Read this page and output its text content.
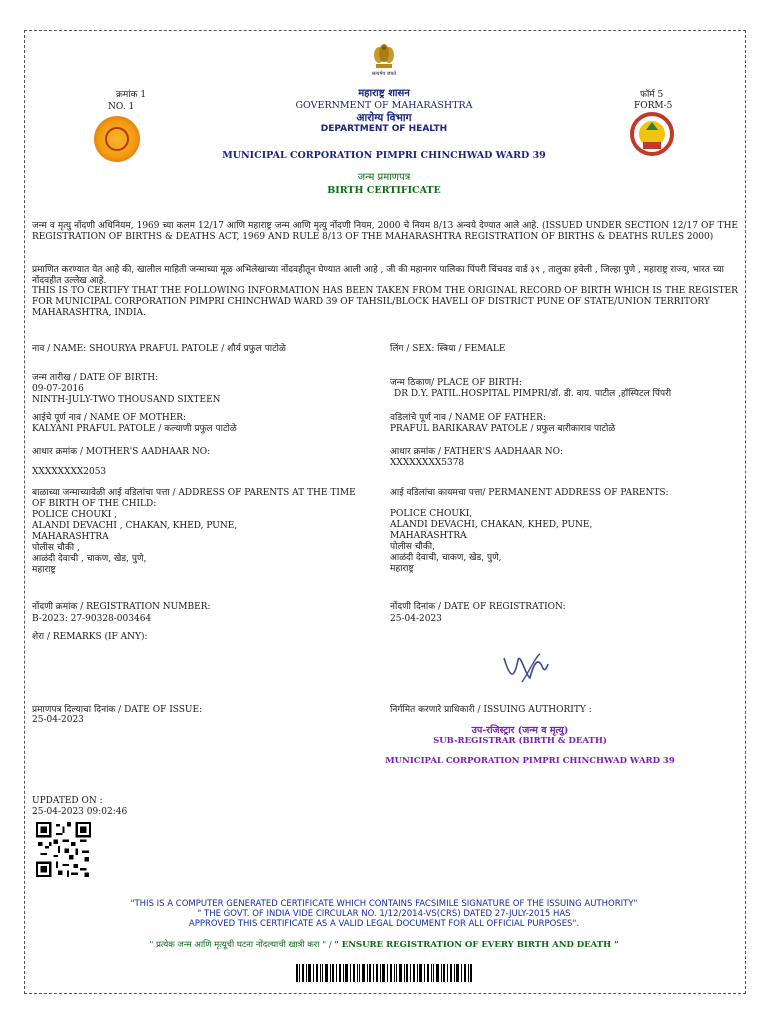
सत्यमेव जयते
क्रमांक 1
NO. 1
फॉर्म 5
FORM-5
महाराष्ट्र शासन
GOVERNMENT OF MAHARASHTRA
आरोग्य विभाग
DEPARTMENT OF HEALTH
MUNICIPAL CORPORATION PIMPRI CHINCHWAD WARD 39
जन्म प्रमाणपत्र
BIRTH CERTIFICATE
जन्म व मृत्यु नोंदणी अधिनियम, 1969 च्या कलम 12/17 आणि महाराष्ट्र जन्म आणि मृत्यु नोंदणी नियम, 2000 चे नियम 8/13 अन्वये देण्यात आले आहे. (ISSUED UNDER SECTION 12/17 OF THE REGISTRATION OF BIRTHS & DEATHS ACT, 1969 AND RULE 8/13 OF THE MAHARASHTRA REGISTRATION OF BIRTHS & DEATHS RULES 2000)
प्रमाणित करण्यात येत आहे की, खालील माहिती जन्माच्या मूळ अभिलेखाच्या नोंदवहीतून घेण्यात आली आहे , जी की महानगर पालिका पिंपरी चिंचवड वार्ड ३९ , तालुका हवेली , जिल्हा पुणे , महाराष्ट्र राज्य, भारत च्या नोंदवहीत उल्लेख आहे.
THIS IS TO CERTIFY THAT THE FOLLOWING INFORMATION HAS BEEN TAKEN FROM THE ORIGINAL RECORD OF BIRTH WHICH IS THE REGISTER FOR MUNICIPAL CORPORATION PIMPRI CHINCHWAD WARD 39 OF TAHSIL/BLOCK HAVELI OF DISTRICT PUNE OF STATE/UNION TERRITORY MAHARASHTRA, INDIA.
नाव / NAME: SHOURYA PRAFUL PATOLE / शौर्य प्रफुल पाटोळे	लिंग / SEX: स्त्रिया / FEMALE
जन्म तारीख / DATE OF BIRTH:
09-07-2016
NINTH-JULY-TWO THOUSAND SIXTEEN
जन्म ठिकाण/ PLACE OF BIRTH:
DR D.Y. PATIL.HOSPITAL PIMPRI/डॉ. डी. वाय. पाटील ,हॉस्पिटल पिंपरी
आईचे पूर्ण नाव / NAME OF MOTHER:
KALYANI PRAFUL PATOLE / कल्याणी प्रफुल पाटोळे
वडिलांचे पूर्ण नाव / NAME OF FATHER:
PRAFUL BARIKARAV PATOLE / प्रफुल बारीकाराव पाटोळे
आधार क्रमांक / MOTHER'S AADHAAR NO:
XXXXXXXX2053
आधार क्रमांक / FATHER'S AADHAAR NO:
XXXXXXXX5378
बाळाच्या जन्माच्यावेळी आई वडिलांचा पत्ता / ADDRESS OF PARENTS AT THE TIME OF BIRTH OF THE CHILD:
POLICE CHOUKI ,
ALANDI DEVACHI , CHAKAN, KHED, PUNE,
MAHARASHTRA
पोलीस चौकी ,
आळंदी देवाची , चाकण, खेड, पुणे,
महाराष्ट्र
आई वडिलांचा कायमचा पत्ता/ PERMANENT ADDRESS OF PARENTS:
POLICE CHOUKI,
ALANDI DEVACHI, CHAKAN, KHED, PUNE,
MAHARASHTRA
पोलीस चौकी,
आळंदी देवाची, चाकण, खेड, पुणे,
महाराष्ट्र
नोंदणी क्रमांक / REGISTRATION NUMBER:
B-2023: 27-90328-003464
नोंदणी दिनांक / DATE OF REGISTRATION:
25-04-2023
शेरा / REMARKS (IF ANY):
प्रमाणपत्र दिल्याचा दिनांक / DATE OF ISSUE:
25-04-2023
निर्गमित करणारे प्राधिकारी / ISSUING AUTHORITY :
उप-रजिस्ट्रार (जन्म व मृत्यु)
SUB-REGISTRAR (BIRTH & DEATH)
MUNICIPAL CORPORATION PIMPRI CHINCHWAD WARD 39
UPDATED ON :
25-04-2023 09:02:46
"THIS IS A COMPUTER GENERATED CERTIFICATE WHICH CONTAINS FACSIMILE SIGNATURE OF THE ISSUING AUTHORITY"
" THE GOVT. OF INDIA VIDE CIRCULAR NO. 1/12/2014-VS(CRS) DATED 27-JULY-2015 HAS
APPROVED THIS CERTIFICATE AS A VALID LEGAL DOCUMENT FOR ALL OFFICIAL PURPOSES".
" प्रत्येक जन्म आणि मृत्यूची घटना नोंदल्याची खात्री करा " / " ENSURE REGISTRATION OF EVERY BIRTH AND DEATH "
